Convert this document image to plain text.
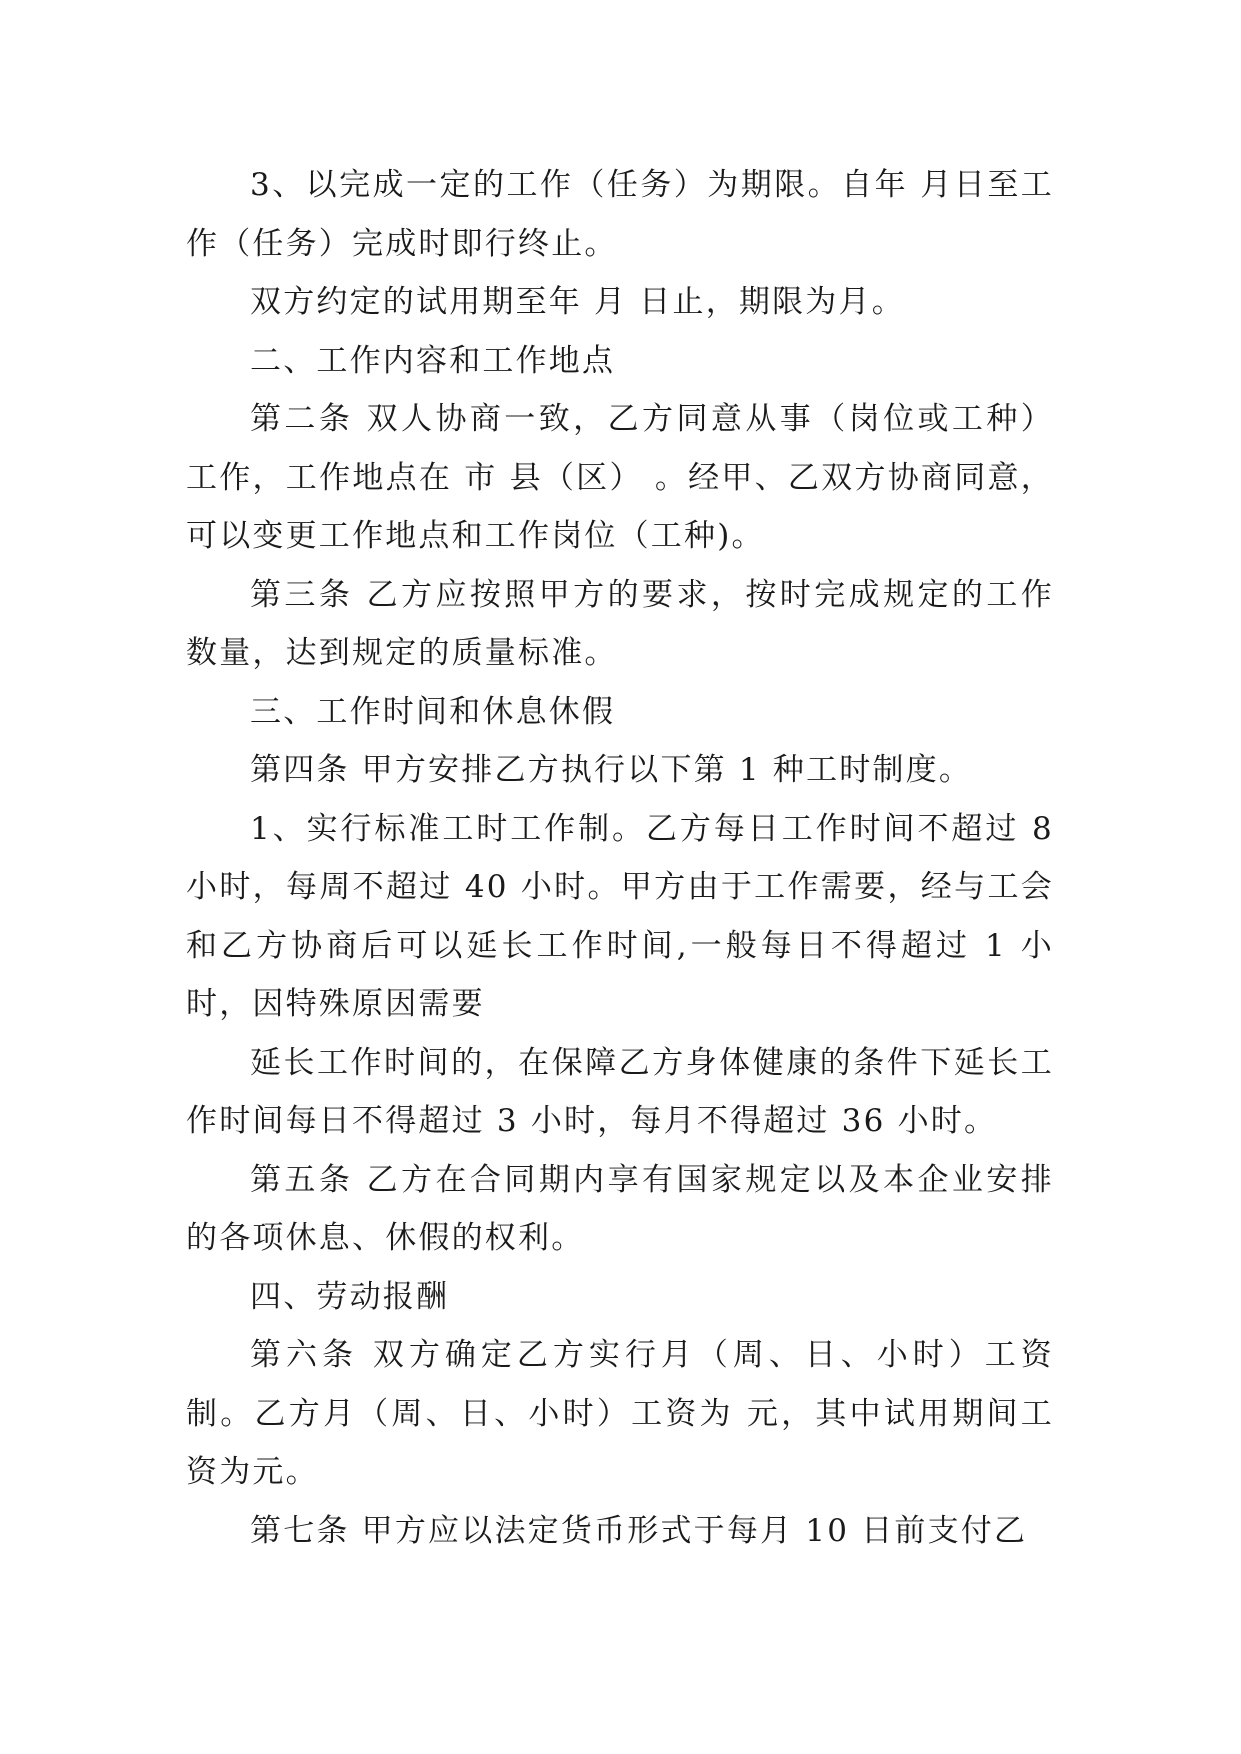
3、以完成一定的工作（任务）为期限。自年 月日至工作（任务）完成时即行终止。

双方约定的试用期至年 月 日止，期限为月。

二、工作内容和工作地点

第二条 双人协商一致，乙方同意从事（岗位或工种）工作，工作地点在 市 县（区） 。经甲、乙双方协商同意，可以变更工作地点和工作岗位（工种)。

第三条 乙方应按照甲方的要求，按时完成规定的工作数量，达到规定的质量标准。

三、工作时间和休息休假

第四条 甲方安排乙方执行以下第 1 种工时制度。

1、实行标准工时工作制。乙方每日工作时间不超过 8 小时，每周不超过 40 小时。甲方由于工作需要，经与工会和乙方协商后可以延长工作时间,一般每日不得超过 1 小时，因特殊原因需要

延长工作时间的，在保障乙方身体健康的条件下延长工作时间每日不得超过 3 小时，每月不得超过 36 小时。

第五条 乙方在合同期内享有国家规定以及本企业安排的各项休息、休假的权利。

四、劳动报酬

第六条 双方确定乙方实行月（周、日、小时）工资制。乙方月（周、日、小时）工资为 元，其中试用期间工资为元。

第七条 甲方应以法定货币形式于每月 10 日前支付乙
